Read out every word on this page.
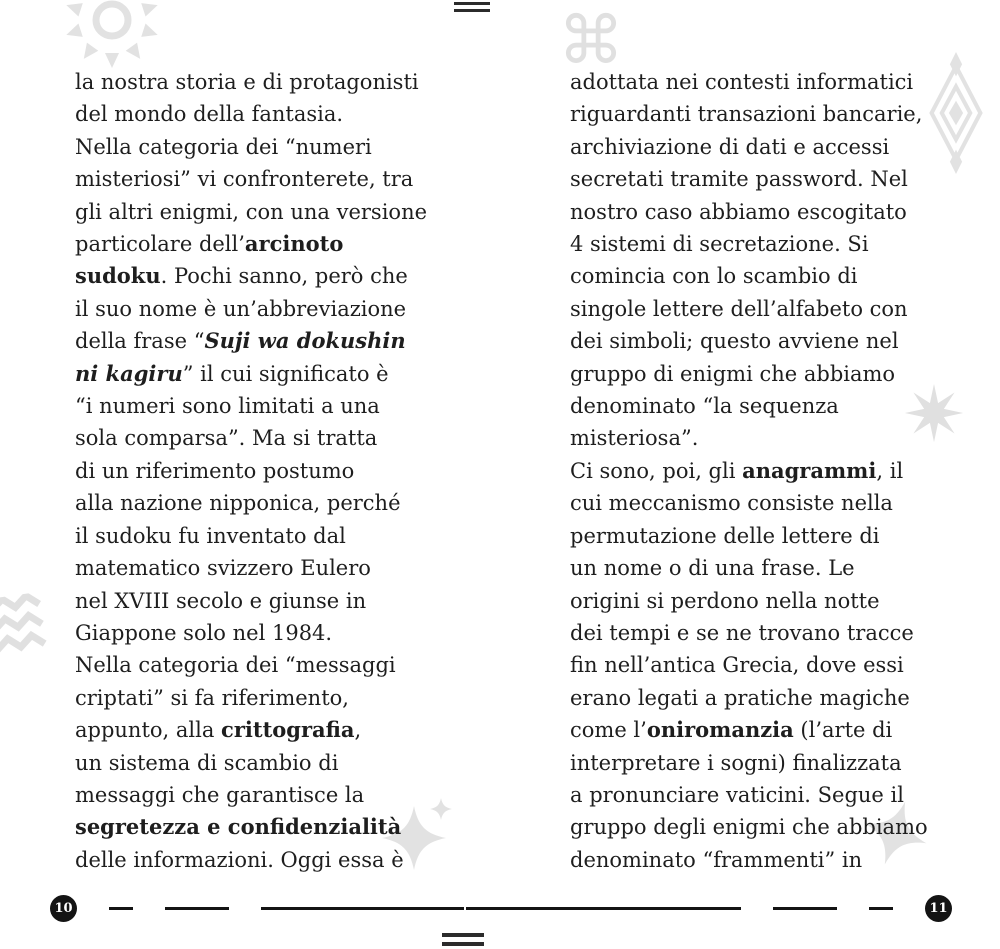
⌘
la nostra storia e di protagonisti
del mondo della fantasia.
Nella categoria dei “numeri
misteriosi” vi confronterete, tra
gli altri enigmi, con una versione
particolare dell’arcinoto
sudoku. Pochi sanno, però che
il suo nome è un’abbreviazione
della frase “Suji wa dokushin
ni kagiru” il cui significato è
“i numeri sono limitati a una
sola comparsa”. Ma si tratta
di un riferimento postumo
alla nazione nipponica, perché
il sudoku fu inventato dal
matematico svizzero Eulero
nel XVIII secolo e giunse in
Giappone solo nel 1984.
Nella categoria dei “messaggi
criptati” si fa riferimento,
appunto, alla crittografia,
un sistema di scambio di
messaggi che garantisce la
segretezza e confidenzialità
delle informazioni. Oggi essa è
adottata nei contesti informatici
riguardanti transazioni bancarie,
archiviazione di dati e accessi
secretati tramite password. Nel
nostro caso abbiamo escogitato
4 sistemi di secretazione. Si
comincia con lo scambio di
singole lettere dell’alfabeto con
dei simboli; questo avviene nel
gruppo di enigmi che abbiamo
denominato “la sequenza
misteriosa”.
Ci sono, poi, gli anagrammi, il
cui meccanismo consiste nella
permutazione delle lettere di
un nome o di una frase. Le
origini si perdono nella notte
dei tempi e se ne trovano tracce
fin nell’antica Grecia, dove essi
erano legati a pratiche magiche
come l’oniromanzia (l’arte di
interpretare i sogni) finalizzata
a pronunciare vaticini. Segue il
gruppo degli enigmi che abbiamo
denominato “frammenti” in
10	11
